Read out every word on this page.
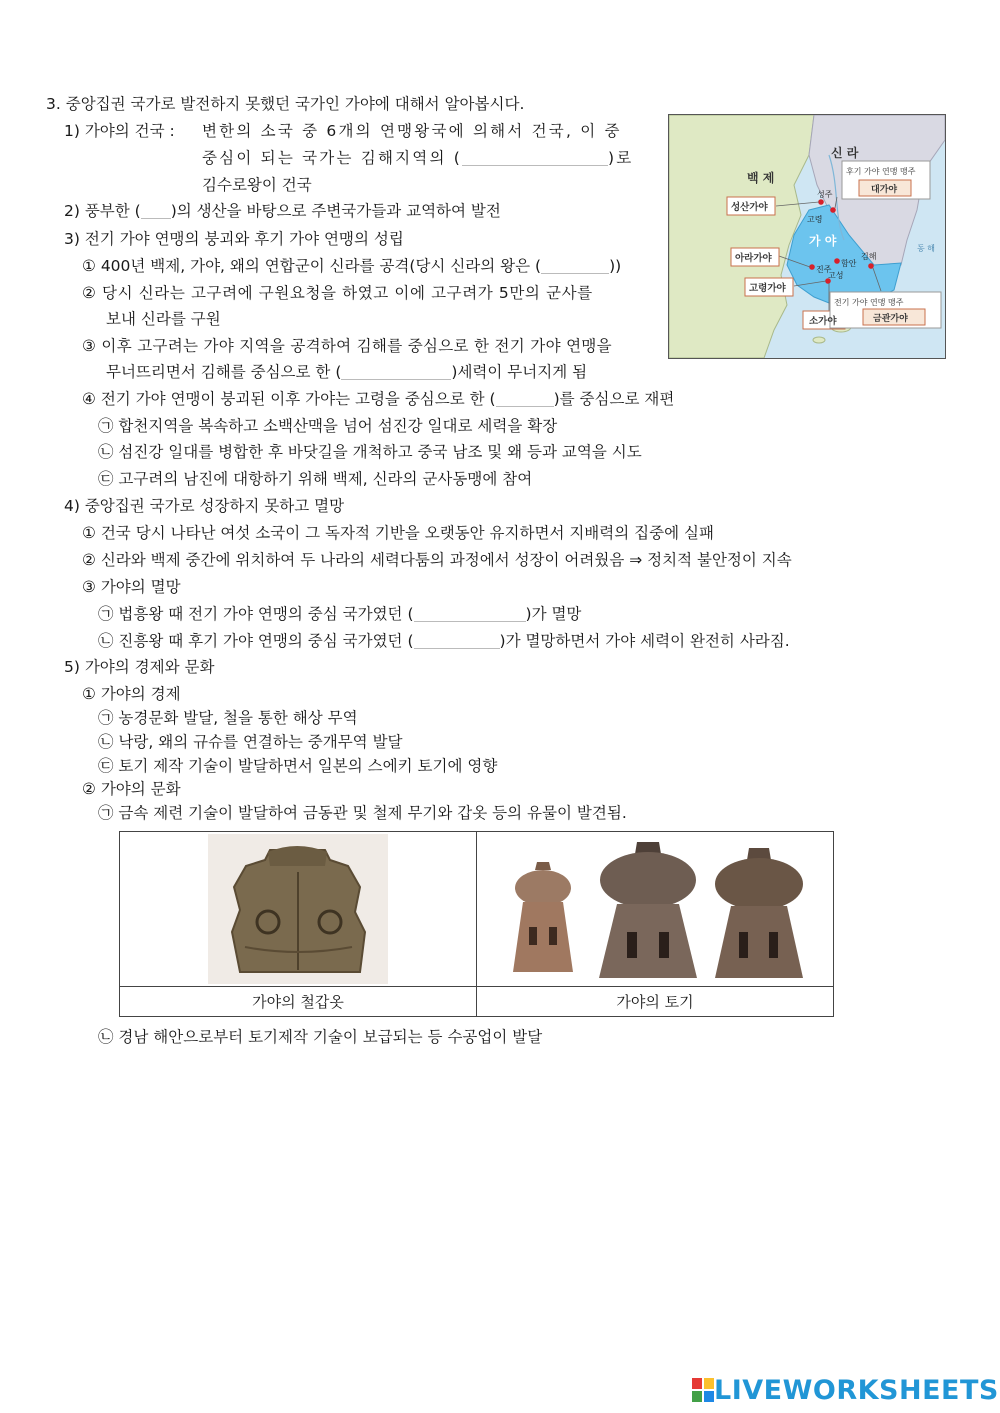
3. 중앙집권 국가로 발전하지 못했던 국가인 가야에 대해서 알아봅시다.
1) 가야의 건국 : 변한의 소국 중 6개의 연맹왕국에 의해서 건국, 이 중
중심이 되는 국가는 김해지역의 (	)로
김수로왕이 건국
2) 풍부한 ( )의 생산을 바탕으로 주변국가들과 교역하여 발전
3) 전기 가야 연맹의 붕괴와 후기 가야 연맹의 성립
① 400년 백제, 가야, 왜의 연합군이 신라를 공격(당시 신라의 왕은 (	))
② 당시 신라는 고구려에 구원요청을 하였고 이에 고구려가 5만의 군사를
보내 신라를 구원
③ 이후 고구려는 가야 지역을 공격하여 김해를 중심으로 한 전기 가야 연맹을
무너뜨리면서 김해를 중심으로 한 (	)세력이 무너지게 됨
④ 전기 가야 연맹이 붕괴된 이후 가야는 고령을 중심으로 한 (	)를 중심으로 재편
㉠ 합천지역을 복속하고 소백산맥을 넘어 섬진강 일대로 세력을 확장
㉡ 섬진강 일대를 병합한 후 바닷길을 개척하고 중국 남조 및 왜 등과 교역을 시도
㉢ 고구려의 남진에 대항하기 위해 백제, 신라의 군사동맹에 참여
4) 중앙집권 국가로 성장하지 못하고 멸망
① 건국 당시 나타난 여섯 소국이 그 독자적 기반을 오랫동안 유지하면서 지배력의 집중에 실패
② 신라와 백제 중간에 위치하여 두 나라의 세력다툼의 과정에서 성장이 어려웠음 ⇒ 정치적 불안정이 지속
③ 가야의 멸망
㉠ 법흥왕 때 전기 가야 연맹의 중심 국가였던 (	)가 멸망
㉡ 진흥왕 때 후기 가야 연맹의 중심 국가였던 (	)가 멸망하면서 가야 세력이 완전히 사라짐.
5) 가야의 경제와 문화
① 가야의 경제
㉠ 농경문화 발달, 철을 통한 해상 무역
㉡ 낙랑, 왜의 규슈를 연결하는 중개무역 발달
㉢ 토기 제작 기술이 발달하면서 일본의 스에키 토기에 영향
② 가야의 문화
㉠ 금속 제련 기술이 발달하여 금동관 및 철제 무기와 갑옷 등의 유물이 발견됨.
㉡ 경남 해안으로부터 토기제작 기술이 보급되는 등 수공업이 발달
백 제
신 라
가 야
동 해
후기 가야 연맹 맹주
대가야
전기 가야 연맹 맹주
금관가야
성산가야
아라가야
고령가야
소가야
성주
고령
진주
함안
고성
김해
가야의 철갑옷	가야의 토기
LIVEWORKSHEETS
